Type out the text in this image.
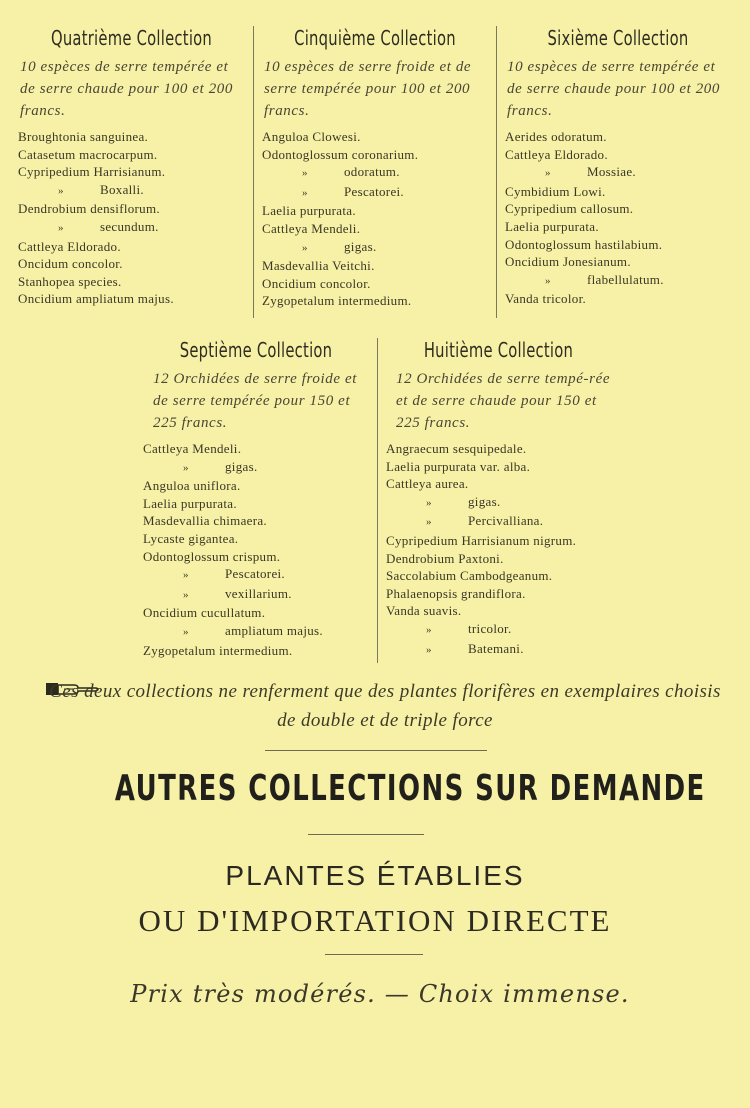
Quatrième Collection
10 espèces de serre tempérée et de serre chaude pour 100 et 200 francs.
Broughtonia sanguinea.
Catasetum macrocarpum.
Cypripedium Harrisianum.
»	Boxalli.
Dendrobium densiflorum.
»	secundum.
Cattleya Eldorado.
Oncidum concolor.
Stanhopea species.
Oncidium ampliatum majus.
Cinquième Collection
10 espèces de serre froide et de serre tempérée pour 100 et 200 francs.
Anguloa Clowesi.
Odontoglossum coronarium.
»	odoratum.
»	Pescatorei.
Laelia purpurata.
Cattleya Mendeli.
»	gigas.
Masdevallia Veitchi.
Oncidium concolor.
Zygopetalum intermedium.
Sixième Collection
10 espèces de serre tempérée et de serre chaude pour 100 et 200 francs.
Aerides odoratum.
Cattleya Eldorado.
»	Mossiae.
Cymbidium Lowi.
Cypripedium callosum.
Laelia purpurata.
Odontoglossum hastilabium.
Oncidium Jonesianum.
»	flabellulatum.
Vanda tricolor.
Septième Collection
12 Orchidées de serre froide et de serre tempérée pour 150 et 225 francs.
Cattleya Mendeli.
»	gigas.
Anguloa uniflora.
Laelia purpurata.
Masdevallia chimaera.
Lycaste gigantea.
Odontoglossum crispum.
»	Pescatorei.
»	vexillarium.
Oncidium cucullatum.
»	ampliatum majus.
Zygopetalum intermedium.
Huitième Collection
12 Orchidées de serre tempé-rée et de serre chaude pour 150 et 225 francs.
Angraecum sesquipedale.
Laelia purpurata var. alba.
Cattleya aurea.
»	gigas.
»	Percivalliana.
Cypripedium Harrisianum nigrum.
Dendrobium Paxtoni.
Saccolabium Cambodgeanum.
Phalaenopsis grandiflora.
Vanda suavis.
»	tricolor.
»	Batemani.
Ces deux collections ne renferment que des plantes florifères en exemplaires choisis de double et de triple force
AUTRES COLLECTIONS SUR DEMANDE
PLANTES ÉTABLIES
OU D'IMPORTATION DIRECTE
Prix très modérés. — Choix immense.
